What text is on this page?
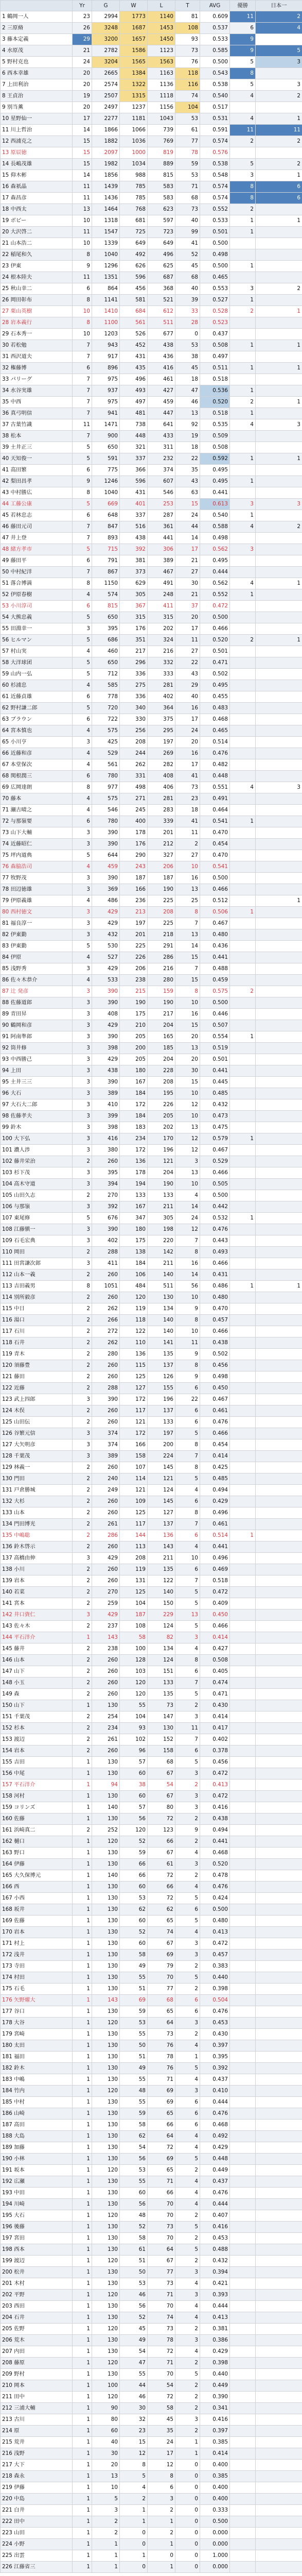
	Yr	G	W	L	T	AVG	優勝	日本一
1 鶴岡一人	23	2994	1773	1140	81	0.609	11	2
2 三原脩	26	3248	1687	1453	108	0.537	6	4
3 藤本定義	29	3200	1657	1450	93	0.533	9	
4 水原茂	21	2782	1586	1123	73	0.585	9	5
5 野村克也	24	3204	1565	1563	76	0.500	5	3
6 西本幸雄	20	2665	1384	1163	118	0.543	8	
7 上田利治	20	2574	1322	1136	116	0.538	5	3
8 王貞治	19	2507	1315	1118	74	0.540	4	2
9 別当薫	20	2497	1237	1156	104	0.517		
10 星野仙一	17	2277	1181	1043	53	0.531	4	1
11 川上哲治	14	1866	1066	739	61	0.591	11	11
12 西浦克之	15	1882	1036	769	77	0.574	2	2
13 原辰徳	15	2097	1000	819	78	0.576		
14 長嶋茂雄	15	1982	1034	889	59	0.538	5	2
15 仰木彬	14	1856	988	815	53	0.548	3	1
16 森祇晶	11	1439	785	583	71	0.574	8	6
17 森昌彦	11	1436	785	583	68	0.574	8	6
18 中西太	13	1464	768	623	73	0.552	2	
19 ボビー	10	1318	681	597	40	0.533	1	1
20 大沢啓二	11	1547	725	723	99	0.501	1	
21 山本浩二	10	1339	649	649	41	0.500		
22 稲尾和久	8	1040	492	496	52	0.498		
23 伊東	9	1296	626	625	45	0.500	1	
24 根本陸夫	11	1351	596	687	68	0.465		
25 秋山幸二	6	864	456	368	40	0.553	3	2
26 岡田彰布	8	1141	581	521	39	0.527	1	
27 栗山英樹	10	1410	684	612	33	0.528	2	1
28 岩本義行	8	1100	561	511	28	0.523		
29 石本秀一	10	1203	526	677	0	0.437		
30 若松勉	7	943	452	438	53	0.508	1	1
31 西沢道夫	7	917	431	436	38	0.497		
32 権藤博	6	896	435	416	45	0.511	1	1
33 パリーグ	7	975	496	461	18	0.518		
34 水谷実雄	7	937	493	427	47	0.536	1	
35 中西	7	975	497	459	46	0.520	2	1
36 真弓明信	7	941	481	447	13	0.518	1	
37 古葉竹識	11	1471	738	641	92	0.535	4	3
38 松本	7	900	448	433	19	0.509		
39 土井正三	5	650	321	311	18	0.508		
40 天知俊一	5	591	337	232	22	0.592	1	1
41 高田繁	6	775	366	374	35	0.495		
42 梨田昌孝	9	1246	596	607	43	0.495	1	
43 中村勝広	8	1040	431	546	63	0.441		
44 工藤公康	5	669	401	253	15	0.613	3	3
45 若林忠志	6	648	337	287	24	0.540	1	
46 藤田元司	7	847	516	361	44	0.588	4	2
47 井上登	7	893	438	441	14	0.498		
48 緒方孝市	5	715	392	306	17	0.562	3	
49 藤田平	6	791	381	389	21	0.495		
50 中村紀洋	7	867	373	467	27	0.444		
51 落合博満	8	1150	629	491	30	0.562	4	1
52 伊原春樹	4	574	305	248	21	0.552	1	
53 小川淳司	6	815	367	411	37	0.472		
54 大熊忠義	5	650	315	315	20	0.500		
55 田淵幸一	3	395	176	202	17	0.466		
56 ヒルマン	5	686	351	324	11	0.520	2	1
57 村山実	4	460	217	216	27	0.501		
58 大洋球团	5	650	296	332	22	0.471		
59 山内一弘	5	712	336	333	43	0.502		
60 杉浦忠	4	585	275	281	29	0.495		
61 近藤貞雄	6	778	336	402	40	0.455		
62 野村謙二郎	5	720	340	364	16	0.483		
63 ブラウン	6	722	330	375	17	0.468		
64 宮本慎也	4	575	256	295	24	0.465		
65 小川亨	3	425	208	197	20	0.514		
66 近藤和彦	4	529	244	269	16	0.476		
67 本堂保次	4	561	262	282	17	0.482		
68 関根潤三	6	780	331	408	41	0.448		
69 広岡達朗	8	977	498	406	73	0.551	4	3
70 藤本	4	575	271	281	23	0.491		
71 瀬古晴之	4	546	245	283	18	0.464		
72 与那嶺要	6	780	400	339	41	0.541	1	
73 山下大輔	3	390	178	201	11	0.470		
74 近藤昭仁	3	390	176	212	2	0.454		
75 坪内道典	5	644	290	327	27	0.470		
76 森脇浩司	4	459	243	206	10	0.541		
77 牧野茂	3	390	187	187	16	0.500		
78 田辺徳雄	3	369	166	190	13	0.466		
79 伊原義雄	4	486	236	225	25	0.512		1
80 西村徳文	3	429	213	208	8	0.506	1	
81 福良淳一	3	429	197	225	7	0.467		
82 伊東勤	3	432	201	218	13	0.480		
83 伊東勤	5	530	225	291	14	0.436		
84 伊原	4	527	226	286	15	0.441		
85 浅野秀	3	429	206	216	7	0.488		
86 佐々木恭介	4	533	238	280	15	0.459		
87 辻 発彦	3	390	215	159	8	0.575	2	
88 佐藤道郎	3	390	190	190	10	0.500		
89 青田昇	3	408	175	217	16	0.446		
90 鶴岡和彦	3	429	210	204	15	0.507		
91 阿南準郎	3	390	205	165	20	0.554	1	
92 筒井修	3	398	200	185	13	0.519		
93 中西勝己	3	429	205	204	20	0.501		
94 上田	3	438	180	228	30	0.441		
95 土井三三	3	390	167	208	15	0.445		
96 大石	3	389	184	195	10	0.485		
97 大石大二郎	3	410	172	226	12	0.432		
98 佐藤孝夫	3	399	184	205	10	0.473		
99 鈴木	3	398	183	202	13	0.475		
100 大下弘	3	416	234	170	12	0.579	1	
101 濃人渉	3	380	172	196	12	0.467		
102 藤井栄治	2	260	136	121	3	0.529		
103 杉下茂	3	395	178	204	13	0.466		
104 高木守道	3	394	194	190	10	0.505		
105 山田久志	2	270	133	133	4	0.500		
106 与那嶺	3	392	167	211	14	0.442		
107 東尾修	5	676	347	305	24	0.532	1	
108 江藤愼一	3	390	180	198	12	0.476		
109 石毛宏典	3	402	175	220	7	0.443		
110 岡田	2	288	138	142	8	0.493		
111 田宮謙次郎	3	411	184	211	16	0.466		
112 山本一義	2	260	106	140	14	0.431		
113 吉田義男	8	1051	484	511	56	0.486	1	1
114 別所毅彦	2	260	120	130	10	0.480		
115 中日	2	262	119	134	9	0.470		
116 湯口	2	266	118	140	8	0.457		
117 石川	2	272	122	140	10	0.466		
118 石井	2	262	110	141	11	0.438		
119 青木	2	280	136	135	9	0.502		
120 須藤豊	2	260	115	137	8	0.456		
121 藤田	2	260	125	126	9	0.498		
122 近藤	2	288	127	155	6	0.450		
123 武上四郎	3	390	172	196	22	0.467		
124 木俣	2	260	117	137	6	0.461		
125 山田伝	2	260	121	133	6	0.476		
126 谷繁元信	3	374	172	197	5	0.466		
127 大矢明彦	3	374	166	200	8	0.454		
128 千葉茂	3	389	158	224	7	0.414		
129 林義一	2	260	107	145	8	0.425		
130 門田	2	240	114	121	5	0.485		
131 戸倉勝城	2	249	121	124	4	0.494		
132 大杉	2	260	109	145	6	0.429		
133 山本	2	260	125	127	8	0.496		
134 門田博光	2	261	117	137	7	0.461		
135 中嶋聡	2	286	144	136	6	0.514	1	
136 鈴木啓示	2	260	113	143	4	0.441		
137 高橋由伸	3	429	208	211	10	0.496		
138 小川	2	260	119	135	6	0.469		
139 岩本	2	260	131	122	7	0.518		
140 若菜	2	270	125	140	5	0.472		
141 宮本	2	259	104	150	5	0.409		
142 井口資仁	3	429	187	229	13	0.450		
143 佐々木	2	237	108	124	5	0.466		
144 平石洋介	1	143	58	82	3	0.414		
145 藤井	2	238	100	134	4	0.427		
146 山本	2	260	128	124	8	0.508		
147 山下	2	260	103	151	6	0.405		
148 小玉	2	260	120	133	7	0.474		
149 森	2	260	120	135	5	0.471		
150 山下	1	130	55	73	2	0.430		
151 千葉茂	2	254	104	147	3	0.414		
152 杉本	2	234	93	130	11	0.417		
153 渡辺	2	261	102	152	7	0.402		
154 岩本	2	260	96	158	6	0.378		
155 吉田	1	130	57	68	5	0.456		
156 中尾	1	130	60	67	3	0.472		
157 平石洋介	1	94	38	54	2	0.413		
158 河村	1	130	60	67	3	0.472		
159 コリンズ	1	140	57	80	3	0.416		
160 佐藤	1	130	56	72	2	0.438		
161 浜崎真二	2	252	120	123	9	0.494		
162 樋口	1	120	52	66	2	0.441		
163 野口	1	130	59	67	4	0.468		
164 伊藤	1	130	66	61	3	0.520		
165 大久保博元	1	140	66	72	2	0.478		
166 西	1	130	60	66	4	0.476		
167 小西	1	130	53	72	5	0.424		
168 坂井	1	130	62	62	6	0.500		
169 佐藤	1	130	60	65	5	0.480		
170 岩本	1	130	52	74	4	0.413		
171 村上	1	130	60	67	3	0.472		
172 浅井	1	130	58	69	3	0.457		
173 寺田	1	130	49	79	2	0.383		
174 村田	1	130	55	70	5	0.440		
175 石毛	1	130	51	77	2	0.398		
176 矢野燿大	1	143	69	68	6	0.504		
177 谷口	1	130	59	65	6	0.476		
178 大谷	1	120	53	64	3	0.453		
179 宮崎	1	130	55	73	2	0.430		
180 太田	1	130	50	76	4	0.397		
181 福田	1	130	51	78	1	0.395		
182 鈴木	1	130	49	76	5	0.392		
183 中嶋	1	130	55	71	4	0.437		
184 竹内	1	120	48	69	3	0.410		
185 中村	1	130	55	69	6	0.444		
186 山崎	1	130	59	65	6	0.476		
187 高田	1	130	58	66	6	0.468		
188 大島	1	130	62	64	4	0.492		
189 加藤	1	130	54	72	4	0.429		
190 小林	1	130	56	69	5	0.448		
191 坂本	1	120	53	65	2	0.449		
192 広瀬	1	130	55	71	4	0.437		
193 中田	1	130	60	66	4	0.476		
194 川崎	1	130	56	70	4	0.444		
195 大石	1	120	48	70	2	0.407		
196 後藤	1	130	52	73	5	0.416		
197 宮田	1	130	58	70	2	0.453		
198 西本	1	130	61	64	5	0.488		
199 渡辺	1	120	51	67	2	0.432		
200 松井	1	130	50	77	3	0.394		
201 木村	1	130	53	73	4	0.421		
202 平野	1	120	46	71	3	0.393		
203 西田	1	130	56	70	4	0.444		
204 石井	1	130	52	74	4	0.413		
205 佐野	1	120	45	73	2	0.381		
206 荒木	1	130	49	78	3	0.386		
207 内田	1	130	54	72	4	0.429		
208 藤原	1	120	47	71	2	0.398		
209 野村	1	130	55	70	5	0.440		
210 岡本	1	100	44	54	2	0.449		
211 田中	1	120	46	72	2	0.390		
212 三浦大輔	1	90	30	58	2	0.341		
213 古川	1	80	32	45	3	0.416		
214 原	1	60	23	35	2	0.397		
215 荒井	1	40	15	24	1	0.385		
216 浅野	1	30	12	17	1	0.414		
217 大下	1	20	8	12	0	0.400		
218 森永	1	13	5	8	0	0.385		
219 伊藤	1	10	4	6	0	0.400		
220 中島	1	5	2	3	0	0.400		
221 白井	1	3	1	2	0	0.333		
222 田中	1	2	1	1	0	0.500		
223 山田	1	2	0	2	0	0.000		
224 小野	1	1	0	1	0	0.000		
225 出雲	1	1	1	0	0	1.000		
226 江藤省三	1	1	0	1	0	0.000		
